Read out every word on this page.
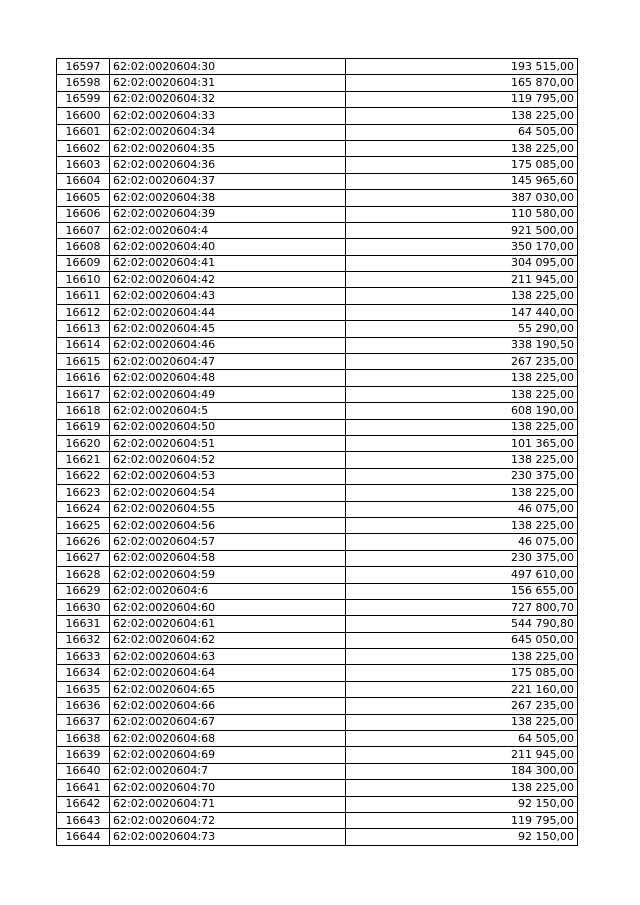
16597	62:02:0020604:30	193 515,00
16598	62:02:0020604:31	165 870,00
16599	62:02:0020604:32	119 795,00
16600	62:02:0020604:33	138 225,00
16601	62:02:0020604:34	64 505,00
16602	62:02:0020604:35	138 225,00
16603	62:02:0020604:36	175 085,00
16604	62:02:0020604:37	145 965,60
16605	62:02:0020604:38	387 030,00
16606	62:02:0020604:39	110 580,00
16607	62:02:0020604:4	921 500,00
16608	62:02:0020604:40	350 170,00
16609	62:02:0020604:41	304 095,00
16610	62:02:0020604:42	211 945,00
16611	62:02:0020604:43	138 225,00
16612	62:02:0020604:44	147 440,00
16613	62:02:0020604:45	55 290,00
16614	62:02:0020604:46	338 190,50
16615	62:02:0020604:47	267 235,00
16616	62:02:0020604:48	138 225,00
16617	62:02:0020604:49	138 225,00
16618	62:02:0020604:5	608 190,00
16619	62:02:0020604:50	138 225,00
16620	62:02:0020604:51	101 365,00
16621	62:02:0020604:52	138 225,00
16622	62:02:0020604:53	230 375,00
16623	62:02:0020604:54	138 225,00
16624	62:02:0020604:55	46 075,00
16625	62:02:0020604:56	138 225,00
16626	62:02:0020604:57	46 075,00
16627	62:02:0020604:58	230 375,00
16628	62:02:0020604:59	497 610,00
16629	62:02:0020604:6	156 655,00
16630	62:02:0020604:60	727 800,70
16631	62:02:0020604:61	544 790,80
16632	62:02:0020604:62	645 050,00
16633	62:02:0020604:63	138 225,00
16634	62:02:0020604:64	175 085,00
16635	62:02:0020604:65	221 160,00
16636	62:02:0020604:66	267 235,00
16637	62:02:0020604:67	138 225,00
16638	62:02:0020604:68	64 505,00
16639	62:02:0020604:69	211 945,00
16640	62:02:0020604:7	184 300,00
16641	62:02:0020604:70	138 225,00
16642	62:02:0020604:71	92 150,00
16643	62:02:0020604:72	119 795,00
16644	62:02:0020604:73	92 150,00
